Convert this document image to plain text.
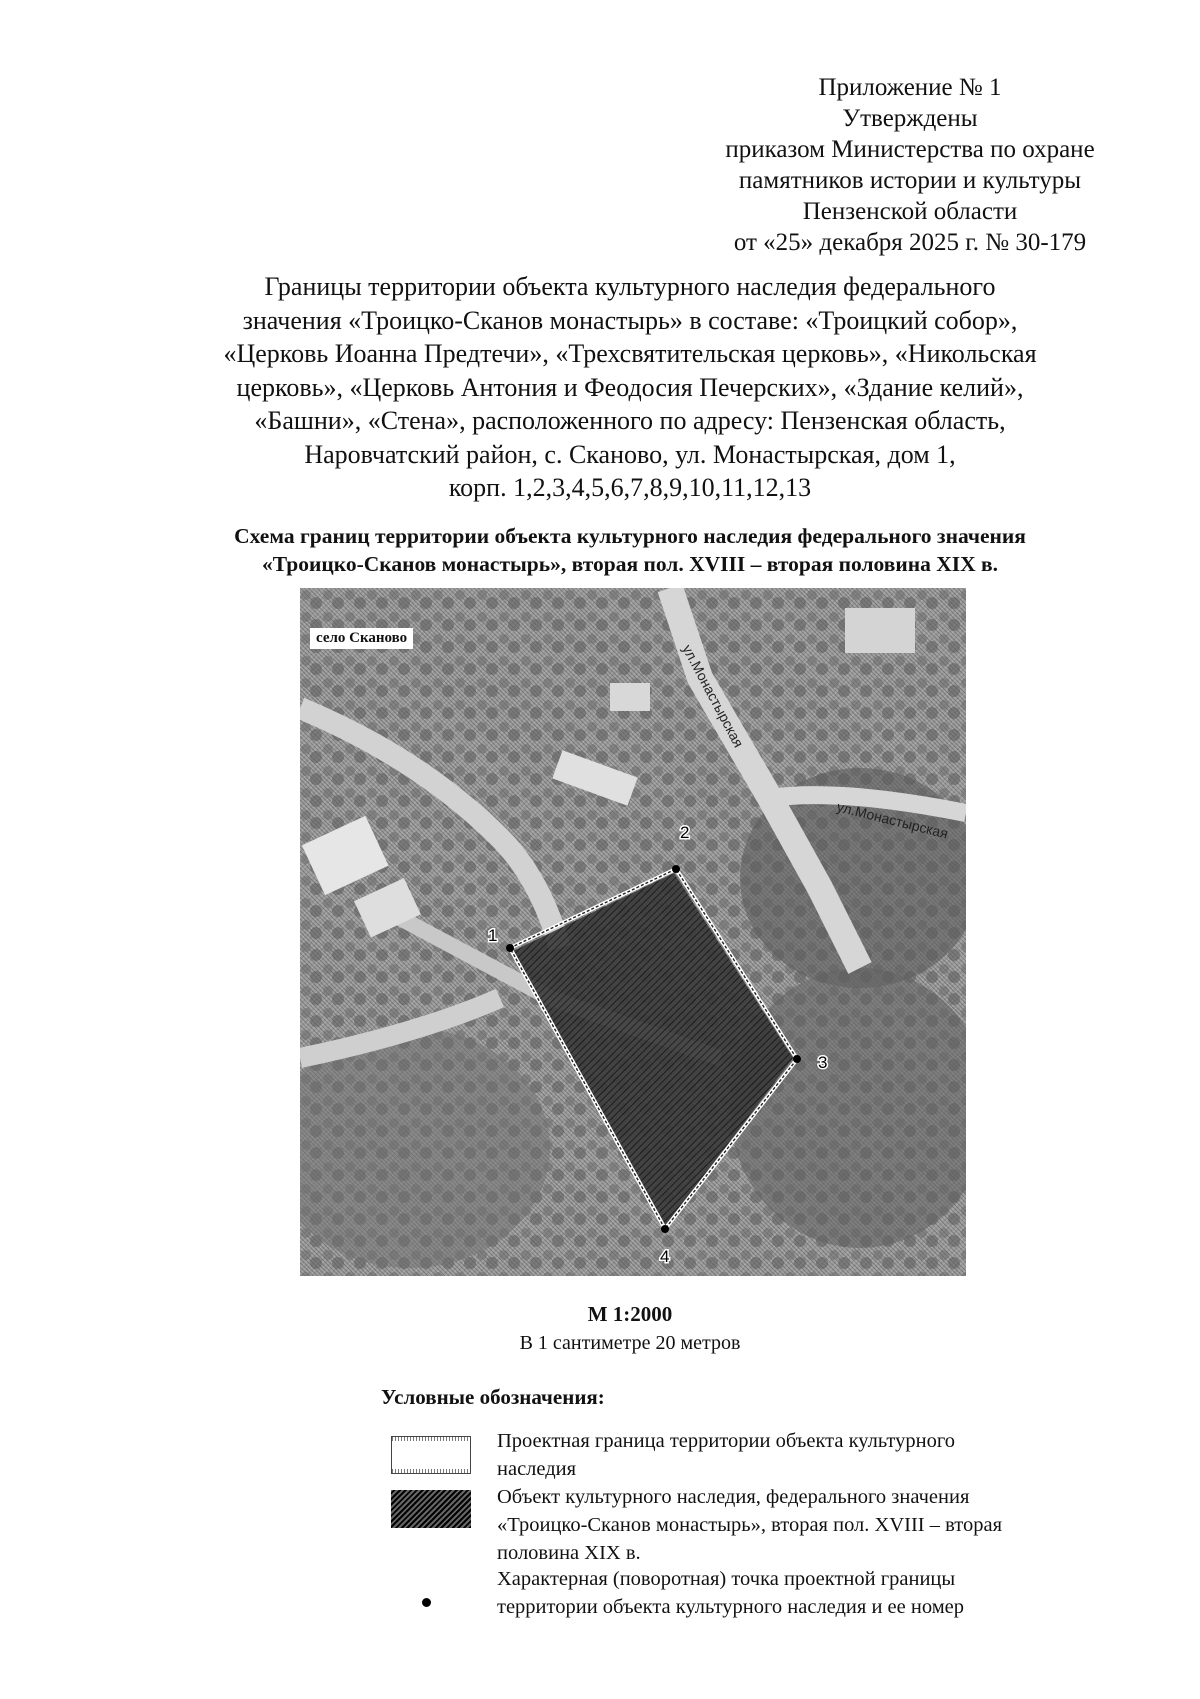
Приложение № 1
Утверждены
приказом Министерства по охране
памятников истории и культуры
Пензенской области
от «25» декабря 2025 г. № 30-179
Границы территории объекта культурного наследия федерального
значения «Троицко-Сканов монастырь» в составе: «Троицкий собор»,
«Церковь Иоанна Предтечи», «Трехсвятительская церковь», «Никольская
церковь», «Церковь Антония и Феодосия Печерских», «Здание келий»,
«Башни», «Стена», расположенного по адресу: Пензенская область,
Наровчатский район, с. Сканово, ул. Монастырская, дом 1,
корп. 1,2,3,4,5,6,7,8,9,10,11,12,13
Схема границ территории объекта культурного наследия федерального значения
«Троицко-Сканов монастырь», вторая пол. XVIII – вторая половина XIX в.
1
2
3
4
ул.Монастырская
ул.Монастырская
село Сканово
М 1:2000
В 1 сантиметре 20 метров
Условные обозначения:
Проектная граница территории объекта культурного
наследия
Объект культурного наследия, федерального значения
«Троицко-Сканов монастырь», вторая пол. XVIII – вторая
половина XIX в.
Характерная (поворотная) точка проектной границы
территории объекта культурного наследия и ее номер
